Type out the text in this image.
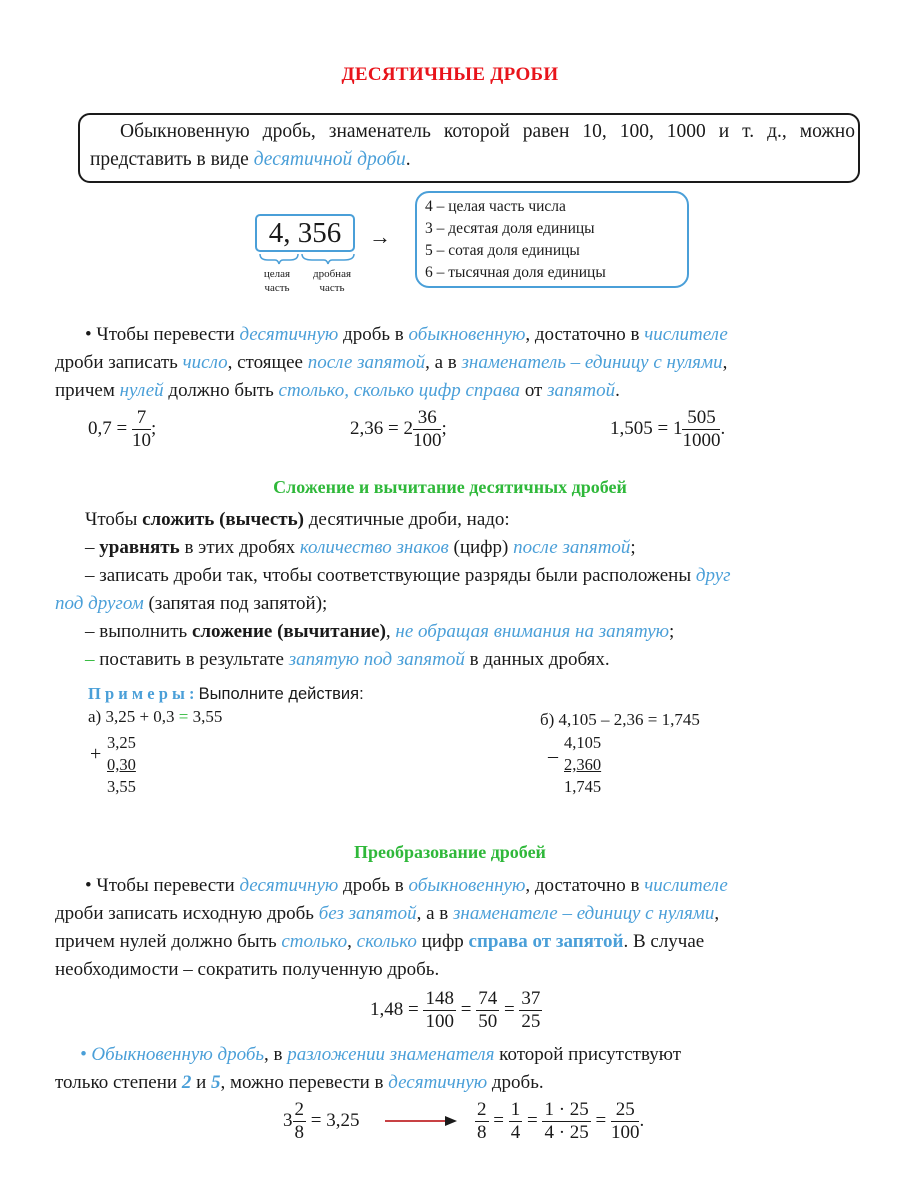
ДЕСЯТИЧНЫЕ ДРОБИ
Обыкновенную дробь, знаменатель которой равен 10, 100, 1000 и т. д., можно представить в виде десятичной дроби.
4, 356	→
целая
часть
дробная
часть
4 – целая часть числа
3 – десятая доля единицы
5 – сотая доля единицы
6 – тысячная доля единицы
• Чтобы перевести десятичную дробь в обыкновенную, достаточно в числителе
дроби записать число, стоящее после запятой, а в знаменатель – единицу с нулями,
причем нулей должно быть столько, сколько цифр справа от запятой.
$0,7 = \frac{7}{10}$ ;	$2,36 = 2 \frac{36}{100}$ ;	$1,505 = 1 \frac{505}{1000}$ .
Сложение и вычитание десятичных дробей
Чтобы сложить (вычесть) десятичные дроби, надо:
– уравнять в этих дробях количество знаков (цифр) после запятой;
– записать дроби так, чтобы соответствующие разряды были расположены друг
под другом (запятая под запятой);
– выполнить сложение (вычитание), не обращая внимания на запятую;
– поставить в результате запятую под запятой в данных дробях.
П р и м е р ы : Выполните действия:
а) 3,25 + 0,3 = 3,55
+
3,25
0,30
3,55
б) 4,105 – 2,36 = 1,745
–
4,105
2,360
1,745
Преобразование дробей
• Чтобы перевести десятичную дробь в обыкновенную, достаточно в числителе
дроби записать исходную дробь без запятой, а в знаменателе – единицу с нулями,
причем нулей должно быть столько, сколько цифр справа от запятой. В случае
необходимости – сократить полученную дробь.
$1,48 = \frac{148}{100} = \frac{74}{50} = \frac{37}{25}$
• Обыкновенную дробь, в разложении знаменателя которой присутствуют
только степени 2 и 5, можно перевести в десятичную дробь.
$3 \frac{2}{8} = 3,25$	$\frac{2}{8} = \frac{1}{4} = \frac{1 \cdot 25}{4 \cdot 25} = \frac{25}{100}$ .
